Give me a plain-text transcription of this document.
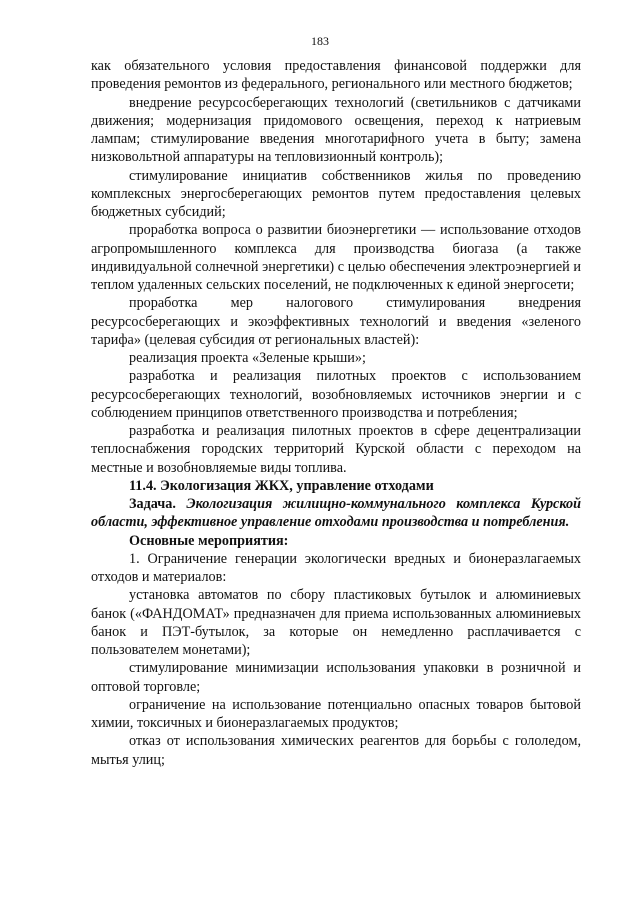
183

как обязательного условия предоставления финансовой поддержки для проведения ремонтов из федерального, регионального или местного бюджетов;

внедрение ресурсосберегающих технологий (светильников с датчиками движения; модернизация придомового освещения, переход к натриевым лампам; стимулирование введения многотарифного учета в быту; замена низковольтной аппаратуры на тепловизионный контроль);

стимулирование инициатив собственников жилья по проведению комплексных энергосберегающих ремонтов путем предоставления целевых бюджетных субсидий;

проработка вопроса о развитии биоэнергетики — использование отходов агропромышленного комплекса для производства биогаза (а также индивидуальной солнечной энергетики) с целью обеспечения электроэнергией и теплом удаленных сельских поселений, не подключенных к единой энергосети;

проработка мер налогового стимулирования внедрения ресурсосберегающих и экоэффективных технологий и введения «зеленого тарифа» (целевая субсидия от региональных властей):

реализация проекта «Зеленые крыши»;

разработка и реализация пилотных проектов с использованием ресурсосберегающих технологий, возобновляемых источников энергии и с соблюдением принципов ответственного производства и потребления;

разработка и реализация пилотных проектов в сфере децентрализации теплоснабжения городских территорий Курской области с переходом на местные и возобновляемые виды топлива.

11.4. Экологизация ЖКХ, управление отходами

Задача. Экологизация жилищно-коммунального комплекса Курской области, эффективное управление отходами производства и потребления.

Основные мероприятия:

1. Ограничение генерации экологически вредных и бионеразлагаемых отходов и материалов:

установка автоматов по сбору пластиковых бутылок и алюминиевых банок («ФАНДОМАТ» предназначен для приема использованных алюминиевых банок и ПЭТ-бутылок, за которые он немедленно расплачивается с пользователем монетами);

стимулирование минимизации использования упаковки в розничной и оптовой торговле;

ограничение на использование потенциально опасных товаров бытовой химии, токсичных и бионеразлагаемых продуктов;

отказ от использования химических реагентов для борьбы с гололедом, мытья улиц;
